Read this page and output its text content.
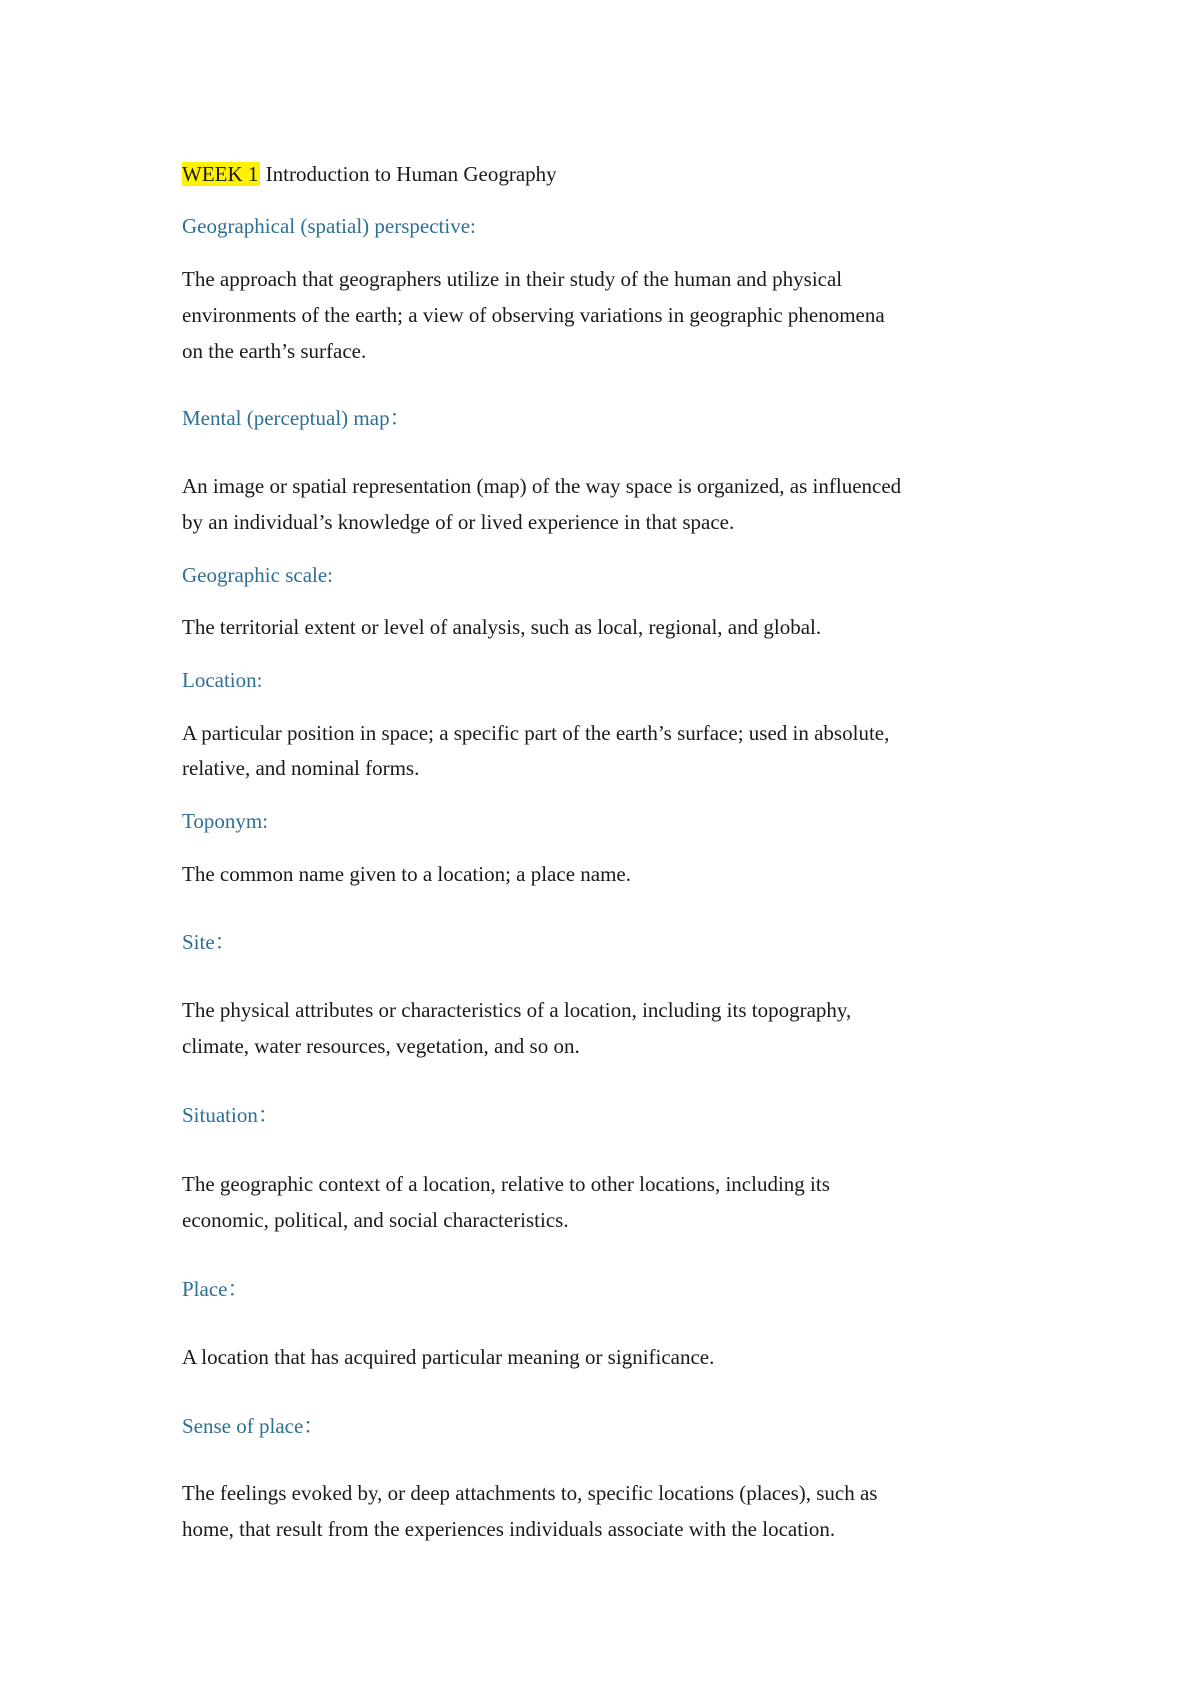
WEEK 1 Introduction to Human Geography

Geographical (spatial) perspective:

The approach that geographers utilize in their study of the human and physical

environments of the earth; a view of observing variations in geographic phenomena

on the earth’s surface.

Mental (perceptual) map：

An image or spatial representation (map) of the way space is organized, as influenced

by an individual’s knowledge of or lived experience in that space.

Geographic scale:

The territorial extent or level of analysis, such as local, regional, and global.

Location:

A particular position in space; a specific part of the earth’s surface; used in absolute,

relative, and nominal forms.

Toponym:

The common name given to a location; a place name.

Site：

The physical attributes or characteristics of a location, including its topography,

climate, water resources, vegetation, and so on.

Situation：

The geographic context of a location, relative to other locations, including its

economic, political, and social characteristics.

Place：

A location that has acquired particular meaning or significance.

Sense of place：

The feelings evoked by, or deep attachments to, specific locations (places), such as

home, that result from the experiences individuals associate with the location.
